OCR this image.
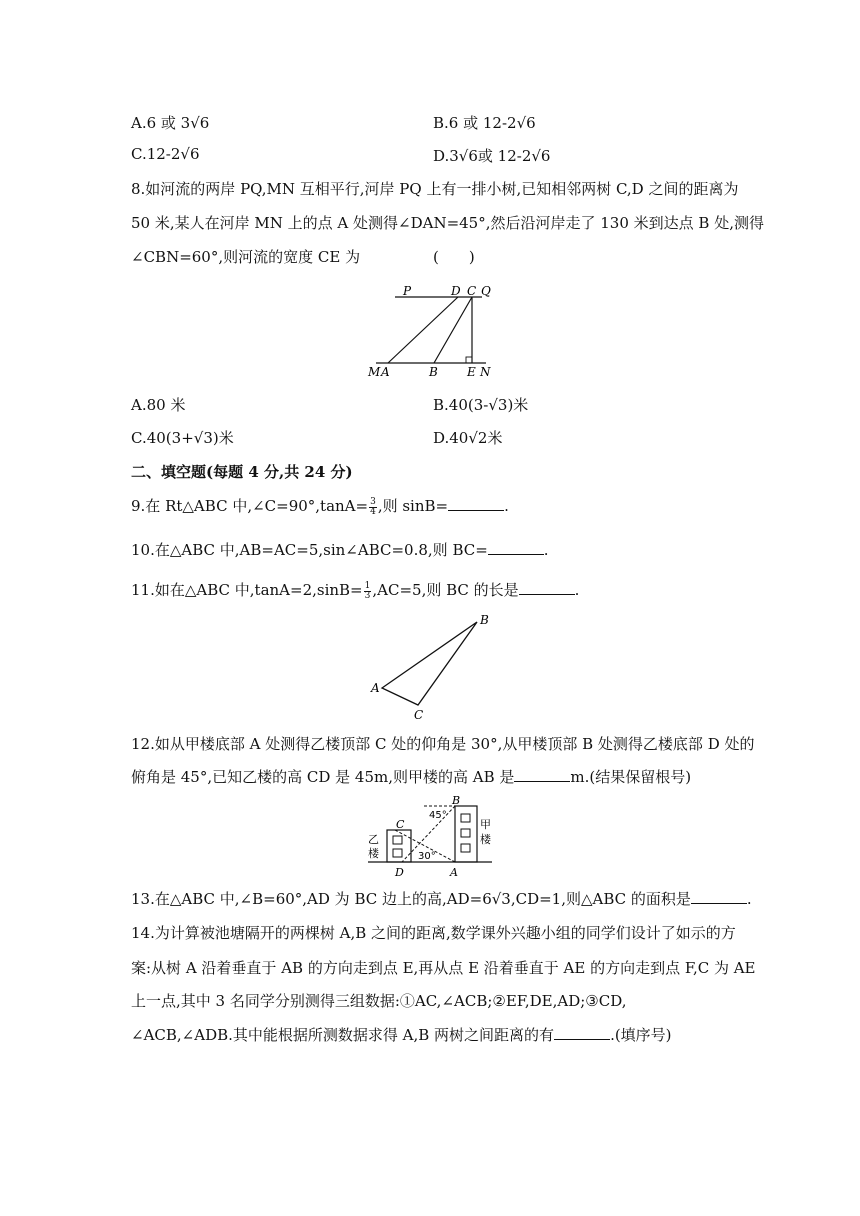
A.6 或 3√6	B.6 或 12-2√6
C.12-2√6	D.3√6或 12-2√6
8.如河流的两岸 PQ,MN 互相平行,河岸 PQ 上有一排小树,已知相邻两树 C,D 之间的距离为
50 米,某人在河岸 MN 上的点 A 处测得∠DAN=45°,然后沿河岸走了 130 米到达点 B 处,测得
∠CBN=60°,则河流的宽度 CE 为	(　　)
P	D C Q
M A	B E N
A.80 米	B.40(3-√3)米
C.40(3+√3)米	D.40√2米
二、填空题(每题 4 分,共 24 分)
9.在 Rt△ABC 中,∠C=90°,tanA= $\frac{3}{4}$ ,则 sinB=	.
10.在△ABC 中,AB=AC=5,sin∠ABC=0.8,则 BC=	.
11.如在△ABC 中$,\tan A=2,\sin B= \frac{1}{3} ,AC=5$,则 BC 的长是	.
B
A
C
12.如从甲楼底部 A 处测得乙楼顶部 C 处的仰角是 30°,从甲楼顶部 B 处测得乙楼底部 D 处的
俯角是 45°,已知乙楼的高 CD 是 45m,则甲楼的高 AB 是	m.(结果保留根号)
B
C
D	A
45°
30°
乙
楼
甲
楼
13.在△ABC 中,∠B=60°,AD 为 BC 边上的高,AD=6√3,CD=1,则△ABC 的面积是	.
14.为计算被池塘隔开的两棵树 A,B 之间的距离,数学课外兴趣小组的同学们设计了如示的方
案:从树 A 沿着垂直于 AB 的方向走到点 E,再从点 E 沿着垂直于 AE 的方向走到点 F,C 为 AE
上一点,其中 3 名同学分别测得三组数据:①AC,∠ACB;②EF,DE,AD;③CD,
∠ACB,∠ADB.其中能根据所测数据求得 A,B 两树之间距离的有	.(填序号)
